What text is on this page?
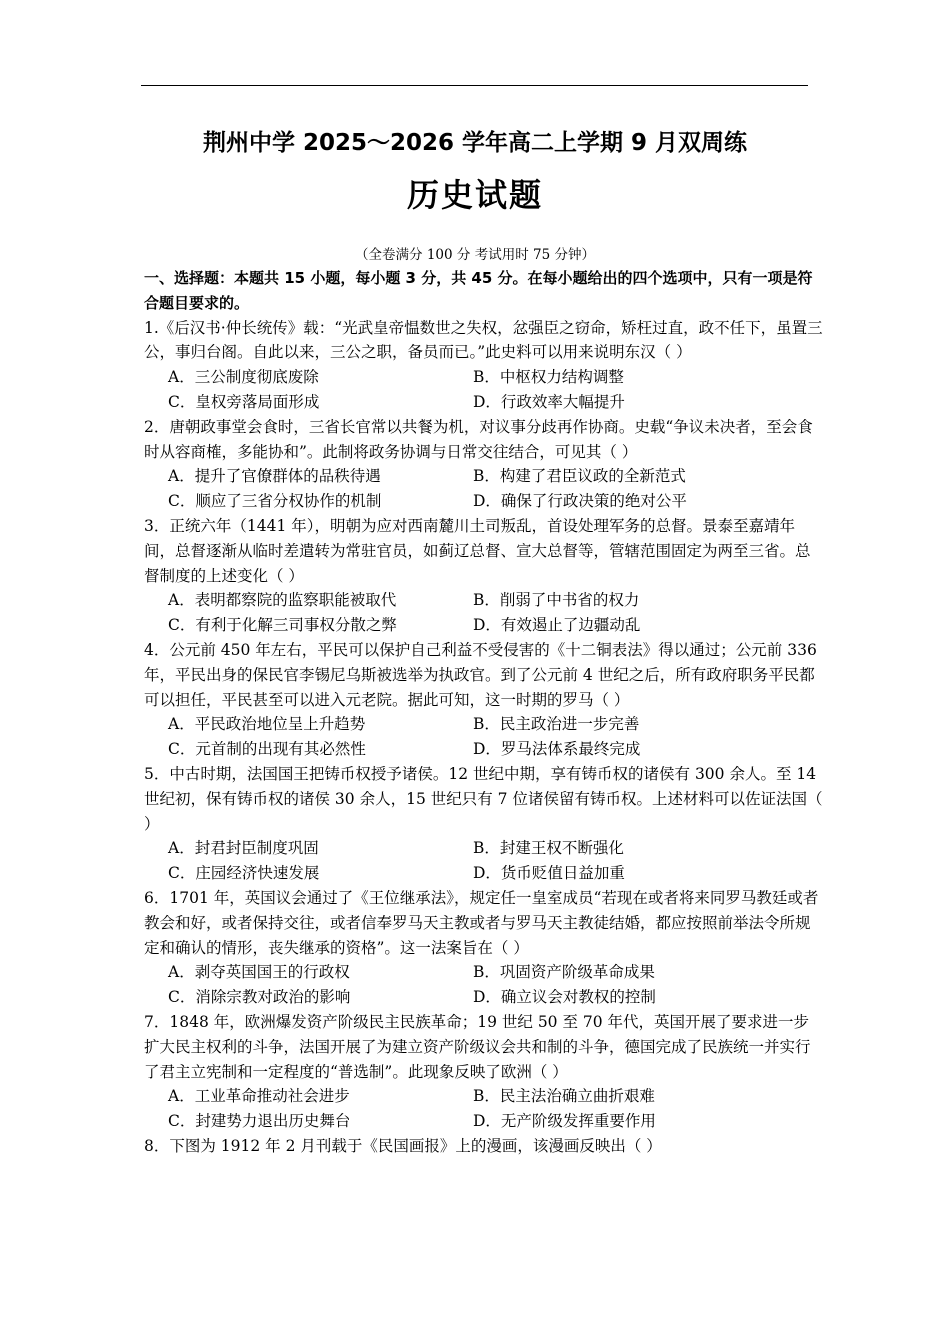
荆州中学 2025～2026 学年高二上学期 9 月双周练
历史试题
（全卷满分 100 分 考试用时 75 分钟）

一、选择题：本题共 15 小题，每小题 3 分，共 45 分。在每小题给出的四个选项中，只有一项是符合题目要求的。

1.《后汉书·仲长统传》载：“光武皇帝愠数世之失权，忿强臣之窃命，矫枉过直，政不任下，虽置三公，事归台阁。自此以来，三公之职，备员而已。”此史料可以用来说明东汉（ ）

A．三公制度彻底废除	B．中枢权力结构调整
C．皇权旁落局面形成	D．行政效率大幅提升

2．唐朝政事堂会食时，三省长官常以共餐为机，对议事分歧再作协商。史载“争议未决者，至会食时从容商榷，多能协和”。此制将政务协调与日常交往结合，可见其（ ）

A．提升了官僚群体的品秩待遇	B．构建了君臣议政的全新范式
C．顺应了三省分权协作的机制	D．确保了行政决策的绝对公平

3．正统六年（1441 年），明朝为应对西南麓川土司叛乱，首设处理军务的总督。景泰至嘉靖年间，总督逐渐从临时差遣转为常驻官员，如蓟辽总督、宣大总督等，管辖范围固定为两至三省。总督制度的上述变化（ ）

A．表明都察院的监察职能被取代	B．削弱了中书省的权力
C．有利于化解三司事权分散之弊	D．有效遏止了边疆动乱

4．公元前 450 年左右，平民可以保护自己利益不受侵害的《十二铜表法》得以通过；公元前 336 年，平民出身的保民官李锡尼乌斯被选举为执政官。到了公元前 4 世纪之后，所有政府职务平民都可以担任，平民甚至可以进入元老院。据此可知，这一时期的罗马（ ）

A．平民政治地位呈上升趋势	B．民主政治进一步完善
C．元首制的出现有其必然性	D．罗马法体系最终完成

5．中古时期，法国国王把铸币权授予诸侯。12 世纪中期，享有铸币权的诸侯有 300 余人。至 14 世纪初，保有铸币权的诸侯 30 余人，15 世纪只有 7 位诸侯留有铸币权。上述材料可以佐证法国（ ）

A．封君封臣制度巩固	B．封建王权不断强化
C．庄园经济快速发展	D．货币贬值日益加重

6．1701 年，英国议会通过了《王位继承法》，规定任一皇室成员“若现在或者将来同罗马教廷或者教会和好，或者保持交往，或者信奉罗马天主教或者与罗马天主教徒结婚，都应按照前举法令所规定和确认的情形，丧失继承的资格”。这一法案旨在（ ）

A．剥夺英国国王的行政权	B．巩固资产阶级革命成果
C．消除宗教对政治的影响	D．确立议会对教权的控制

7．1848 年，欧洲爆发资产阶级民主民族革命；19 世纪 50 至 70 年代，英国开展了要求进一步扩大民主权利的斗争，法国开展了为建立资产阶级议会共和制的斗争，德国完成了民族统一并实行了君主立宪制和一定程度的“普选制”。此现象反映了欧洲（ ）

A．工业革命推动社会进步	B．民主法治确立曲折艰难
C．封建势力退出历史舞台	D．无产阶级发挥重要作用

8．下图为 1912 年 2 月刊载于《民国画报》上的漫画，该漫画反映出（ ）
